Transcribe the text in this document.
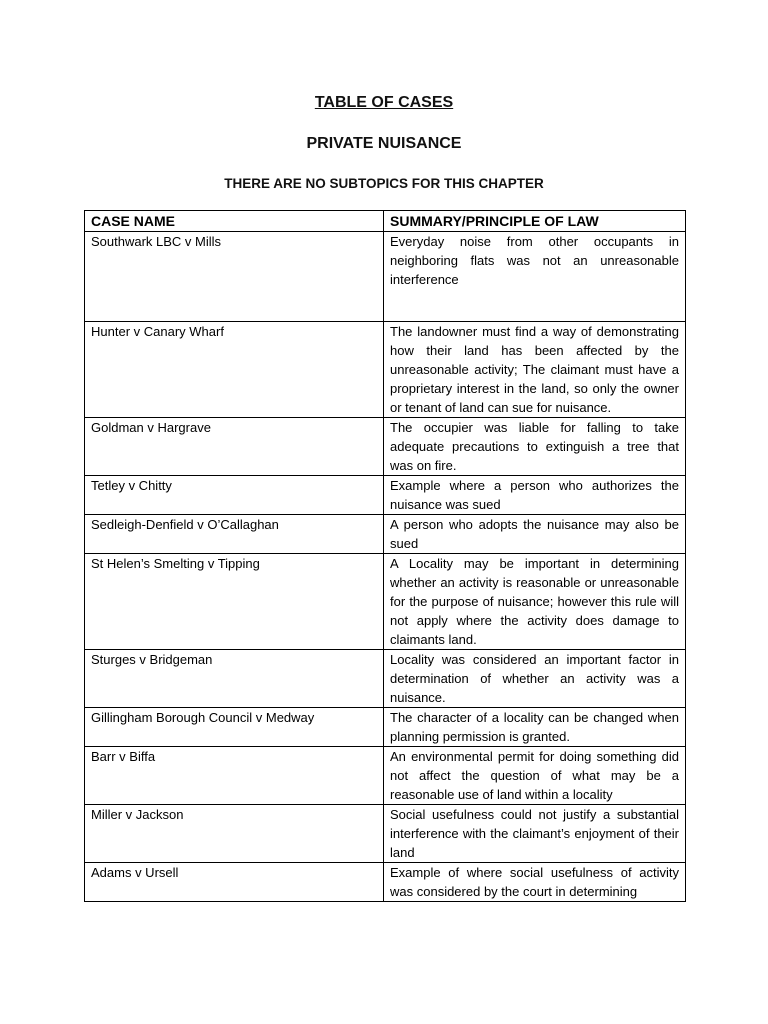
TABLE OF CASES
PRIVATE NUISANCE
THERE ARE NO SUBTOPICS FOR THIS CHAPTER
CASE NAME	SUMMARY/PRINCIPLE OF LAW
Southwark LBC v Mills	Everyday noise from other occupants in neighboring flats was not an unreasonable interference
Hunter v Canary Wharf	The landowner must find a way of demonstrating how their land has been affected by the unreasonable activity; The claimant must have a proprietary interest in the land, so only the owner or tenant of land can sue for nuisance.
Goldman v Hargrave	The occupier was liable for falling to take adequate precautions to extinguish a tree that was on fire.
Tetley v Chitty	Example where a person who authorizes the nuisance was sued
Sedleigh-Denfield v O’Callaghan	A person who adopts the nuisance may also be sued
St Helen’s Smelting v Tipping	A Locality may be important in determining whether an activity is reasonable or unreasonable for the purpose of nuisance; however this rule will not apply where the activity does damage to claimants land.
Sturges v Bridgeman	Locality was considered an important factor in determination of whether an activity was a nuisance.
Gillingham Borough Council v Medway	The character of a locality can be changed when planning permission is granted.
Barr v Biffa	An environmental permit for doing something did not affect the question of what may be a reasonable use of land within a locality
Miller v Jackson	Social usefulness could not justify a substantial interference with the claimant’s enjoyment of their land
Adams v Ursell	Example of where social usefulness of activity was considered by the court in determining
